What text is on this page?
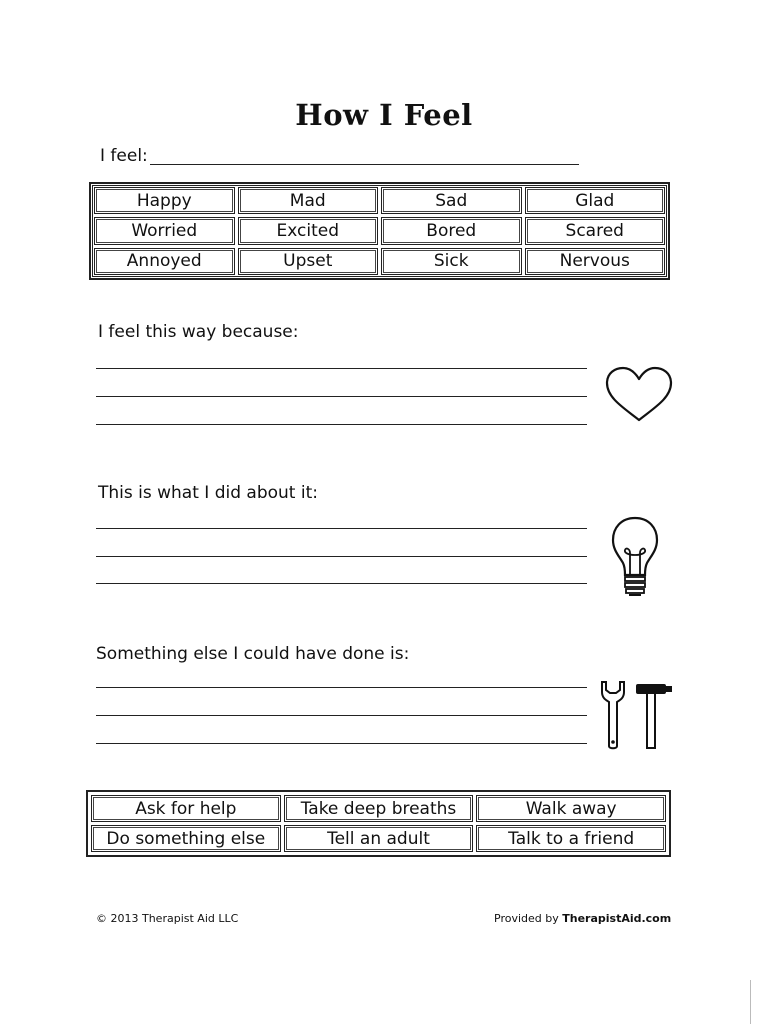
How I Feel
I feel:
Happy	Mad	Sad	Glad
Worried	Excited	Bored	Scared
Annoyed	Upset	Sick	Nervous
I feel this way because:
This is what I did about it:
Something else I could have done is:
Ask for help	Take deep breaths	Walk away
Do something else	Tell an adult	Talk to a friend
© 2013 Therapist Aid LLC	Provided by TherapistAid.com
